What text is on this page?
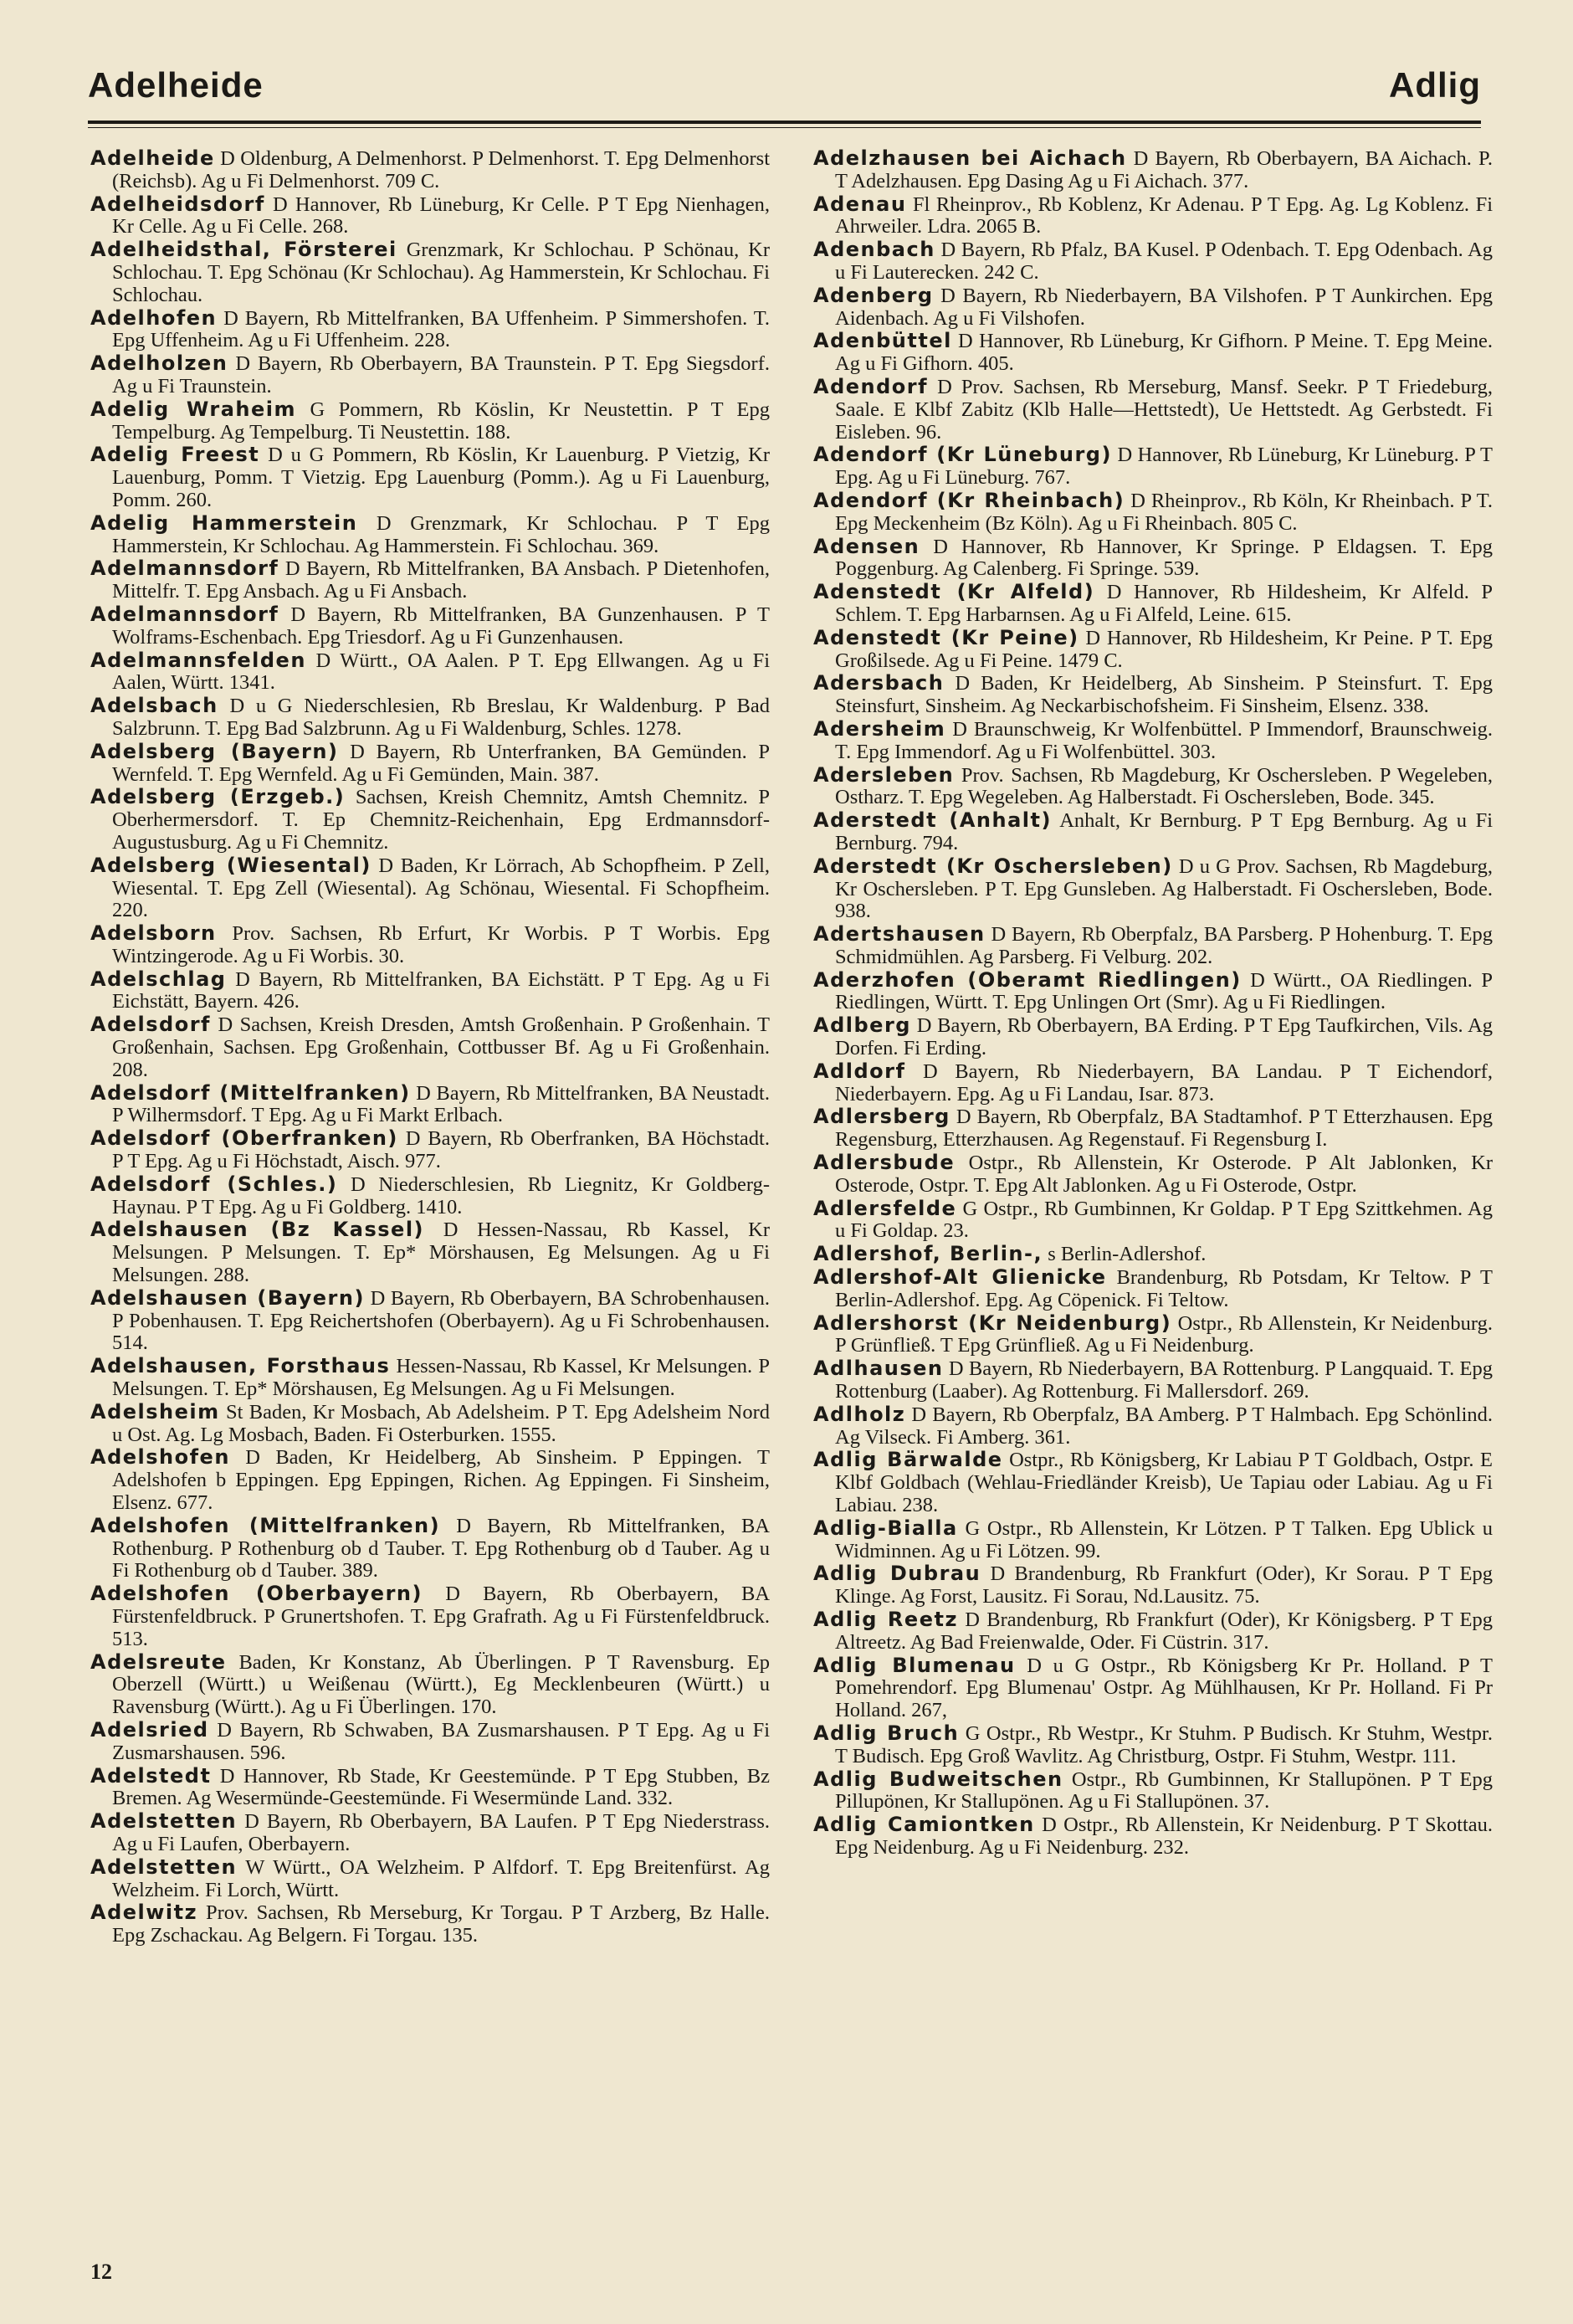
Adelheide	Adlig

Adelheide D Oldenburg, A Delmenhorst. P Delmenhorst. T. Epg Delmenhorst (Reichsb). Ag u Fi Delmenhorst. 709 C.

Adelheidsdorf D Hannover, Rb Lüneburg, Kr Celle. P T Epg Nienhagen, Kr Celle. Ag u Fi Celle. 268.

Adelheidsthal, Försterei Grenzmark, Kr Schlochau. P Schönau, Kr Schlochau. T. Epg Schönau (Kr Schlochau). Ag Hammerstein, Kr Schlochau. Fi Schlochau.

Adelhofen D Bayern, Rb Mittelfranken, BA Uffenheim. P Simmershofen. T. Epg Uffenheim. Ag u Fi Uffenheim. 228.

Adelholzen D Bayern, Rb Oberbayern, BA Traunstein. P T. Epg Siegsdorf. Ag u Fi Traunstein.

Adelig Wraheim G Pommern, Rb Köslin, Kr Neustettin. P T Epg Tempelburg. Ag Tempelburg. Ti Neustettin. 188.

Adelig Freest D u G Pommern, Rb Köslin, Kr Lauenburg. P Vietzig, Kr Lauenburg, Pomm. T Vietzig. Epg Lauenburg (Pomm.). Ag u Fi Lauenburg, Pomm. 260.

Adelig Hammerstein D Grenzmark, Kr Schlochau. P T Epg Hammerstein, Kr Schlochau. Ag Hammerstein. Fi Schlochau. 369.

Adelmannsdorf D Bayern, Rb Mittelfranken, BA Ansbach. P Dietenhofen, Mittelfr. T. Epg Ansbach. Ag u Fi Ansbach.

Adelmannsdorf D Bayern, Rb Mittelfranken, BA Gunzenhausen. P T Wolframs-Eschenbach. Epg Triesdorf. Ag u Fi Gunzenhausen.

Adelmannsfelden D Württ., OA Aalen. P T. Epg Ellwangen. Ag u Fi Aalen, Württ. 1341.

Adelsbach D u G Niederschlesien, Rb Breslau, Kr Waldenburg. P Bad Salzbrunn. T. Epg Bad Salzbrunn. Ag u Fi Waldenburg, Schles. 1278.

Adelsberg (Bayern) D Bayern, Rb Unterfranken, BA Gemünden. P Wernfeld. T. Epg Wernfeld. Ag u Fi Gemünden, Main. 387.

Adelsberg (Erzgeb.) Sachsen, Kreish Chemnitz, Amtsh Chemnitz. P Oberhermersdorf. T. Ep Chemnitz-Reichenhain, Epg Erdmannsdorf-Augustusburg. Ag u Fi Chemnitz.

Adelsberg (Wiesental) D Baden, Kr Lörrach, Ab Schopfheim. P Zell, Wiesental. T. Epg Zell (Wiesental). Ag Schönau, Wiesental. Fi Schopfheim. 220.

Adelsborn Prov. Sachsen, Rb Erfurt, Kr Worbis. P T Worbis. Epg Wintzingerode. Ag u Fi Worbis. 30.

Adelschlag D Bayern, Rb Mittelfranken, BA Eichstätt. P T Epg. Ag u Fi Eichstätt, Bayern. 426.

Adelsdorf D Sachsen, Kreish Dresden, Amtsh Großenhain. P Großenhain. T Großenhain, Sachsen. Epg Großenhain, Cottbusser Bf. Ag u Fi Großenhain. 208.

Adelsdorf (Mittelfranken) D Bayern, Rb Mittelfranken, BA Neustadt. P Wilhermsdorf. T Epg. Ag u Fi Markt Erlbach.

Adelsdorf (Oberfranken) D Bayern, Rb Oberfranken, BA Höchstadt. P T Epg. Ag u Fi Höchstadt, Aisch. 977.

Adelsdorf (Schles.) D Niederschlesien, Rb Liegnitz, Kr Goldberg-Haynau. P T Epg. Ag u Fi Goldberg. 1410.

Adelshausen (Bz Kassel) D Hessen-Nassau, Rb Kassel, Kr Melsungen. P Melsungen. T. Ep* Mörshausen, Eg Melsungen. Ag u Fi Melsungen. 288.

Adelshausen (Bayern) D Bayern, Rb Oberbayern, BA Schrobenhausen. P Pobenhausen. T. Epg Reichertshofen (Oberbayern). Ag u Fi Schrobenhausen. 514.

Adelshausen, Forsthaus Hessen-Nassau, Rb Kassel, Kr Melsungen. P Melsungen. T. Ep* Mörshausen, Eg Melsungen. Ag u Fi Melsungen.

Adelsheim St Baden, Kr Mosbach, Ab Adelsheim. P T. Epg Adelsheim Nord u Ost. Ag. Lg Mosbach, Baden. Fi Osterburken. 1555.

Adelshofen D Baden, Kr Heidelberg, Ab Sinsheim. P Eppingen. T Adelshofen b Eppingen. Epg Eppingen, Richen. Ag Eppingen. Fi Sinsheim, Elsenz. 677.

Adelshofen (Mittelfranken) D Bayern, Rb Mittelfranken, BA Rothenburg. P Rothenburg ob d Tauber. T. Epg Rothenburg ob d Tauber. Ag u Fi Rothenburg ob d Tauber. 389.

Adelshofen (Oberbayern) D Bayern, Rb Oberbayern, BA Fürstenfeldbruck. P Grunertshofen. T. Epg Grafrath. Ag u Fi Fürstenfeldbruck. 513.

Adelsreute Baden, Kr Konstanz, Ab Überlingen. P T Ravensburg. Ep Oberzell (Württ.) u Weißenau (Württ.), Eg Mecklenbeuren (Württ.) u Ravensburg (Württ.). Ag u Fi Überlingen. 170.

Adelsried D Bayern, Rb Schwaben, BA Zusmarshausen. P T Epg. Ag u Fi Zusmarshausen. 596.

Adelstedt D Hannover, Rb Stade, Kr Geestemünde. P T Epg Stubben, Bz Bremen. Ag Wesermünde-Geestemünde. Fi Wesermünde Land. 332.

Adelstetten D Bayern, Rb Oberbayern, BA Laufen. P T Epg Niederstrass. Ag u Fi Laufen, Oberbayern.

Adelstetten W Württ., OA Welzheim. P Alfdorf. T. Epg Breitenfürst. Ag Welzheim. Fi Lorch, Württ.

Adelwitz Prov. Sachsen, Rb Merseburg, Kr Torgau. P T Arzberg, Bz Halle. Epg Zschackau. Ag Belgern. Fi Torgau. 135.

Adelzhausen bei Aichach D Bayern, Rb Oberbayern, BA Aichach. P. T Adelzhausen. Epg Dasing Ag u Fi Aichach. 377.

Adenau Fl Rheinprov., Rb Koblenz, Kr Adenau. P T Epg. Ag. Lg Koblenz. Fi Ahrweiler. Ldra. 2065 B.

Adenbach D Bayern, Rb Pfalz, BA Kusel. P Odenbach. T. Epg Odenbach. Ag u Fi Lauterecken. 242 C.

Adenberg D Bayern, Rb Niederbayern, BA Vilshofen. P T Aunkirchen. Epg Aidenbach. Ag u Fi Vilshofen.

Adenbüttel D Hannover, Rb Lüneburg, Kr Gifhorn. P Meine. T. Epg Meine. Ag u Fi Gifhorn. 405.

Adendorf D Prov. Sachsen, Rb Merseburg, Mansf. Seekr. P T Friedeburg, Saale. E Klbf Zabitz (Klb Halle—Hettstedt), Ue Hettstedt. Ag Gerbstedt. Fi Eisleben. 96.

Adendorf (Kr Lüneburg) D Hannover, Rb Lüneburg, Kr Lüneburg. P T Epg. Ag u Fi Lüneburg. 767.

Adendorf (Kr Rheinbach) D Rheinprov., Rb Köln, Kr Rheinbach. P T. Epg Meckenheim (Bz Köln). Ag u Fi Rheinbach. 805 C.

Adensen D Hannover, Rb Hannover, Kr Springe. P Eldagsen. T. Epg Poggenburg. Ag Calenberg. Fi Springe. 539.

Adenstedt (Kr Alfeld) D Hannover, Rb Hildesheim, Kr Alfeld. P Schlem. T. Epg Harbarnsen. Ag u Fi Alfeld, Leine. 615.

Adenstedt (Kr Peine) D Hannover, Rb Hildesheim, Kr Peine. P T. Epg Großilsede. Ag u Fi Peine. 1479 C.

Adersbach D Baden, Kr Heidelberg, Ab Sinsheim. P Steinsfurt. T. Epg Steinsfurt, Sinsheim. Ag Neckarbischofsheim. Fi Sinsheim, Elsenz. 338.

Adersheim D Braunschweig, Kr Wolfenbüttel. P Immendorf, Braunschweig. T. Epg Immendorf. Ag u Fi Wolfenbüttel. 303.

Adersleben Prov. Sachsen, Rb Magdeburg, Kr Oschersleben. P Wegeleben, Ostharz. T. Epg Wegeleben. Ag Halberstadt. Fi Oschersleben, Bode. 345.

Aderstedt (Anhalt) Anhalt, Kr Bernburg. P T Epg Bernburg. Ag u Fi Bernburg. 794.

Aderstedt (Kr Oschersleben) D u G Prov. Sachsen, Rb Magdeburg, Kr Oschersleben. P T. Epg Gunsleben. Ag Halberstadt. Fi Oschersleben, Bode. 938.

Adertshausen D Bayern, Rb Oberpfalz, BA Parsberg. P Hohenburg. T. Epg Schmidmühlen. Ag Parsberg. Fi Velburg. 202.

Aderzhofen (Oberamt Riedlingen) D Württ., OA Riedlingen. P Riedlingen, Württ. T. Epg Unlingen Ort (Smr). Ag u Fi Riedlingen.

Adlberg D Bayern, Rb Oberbayern, BA Erding. P T Epg Taufkirchen, Vils. Ag Dorfen. Fi Erding.

Adldorf D Bayern, Rb Niederbayern, BA Landau. P T Eichendorf, Niederbayern. Epg. Ag u Fi Landau, Isar. 873.

Adlersberg D Bayern, Rb Oberpfalz, BA Stadtamhof. P T Etterzhausen. Epg Regensburg, Etterzhausen. Ag Regenstauf. Fi Regensburg I.

Adlersbude Ostpr., Rb Allenstein, Kr Osterode. P Alt Jablonken, Kr Osterode, Ostpr. T. Epg Alt Jablonken. Ag u Fi Osterode, Ostpr.

Adlersfelde G Ostpr., Rb Gumbinnen, Kr Goldap. P T Epg Szittkehmen. Ag u Fi Goldap. 23.

Adlershof, Berlin-, s Berlin-Adlershof.

Adlershof-Alt Glienicke Brandenburg, Rb Potsdam, Kr Teltow. P T Berlin-Adlershof. Epg. Ag Cöpenick. Fi Teltow.

Adlershorst (Kr Neidenburg) Ostpr., Rb Allenstein, Kr Neidenburg. P Grünfließ. T Epg Grünfließ. Ag u Fi Neidenburg.

Adlhausen D Bayern, Rb Niederbayern, BA Rottenburg. P Langquaid. T. Epg Rottenburg (Laaber). Ag Rottenburg. Fi Mallersdorf. 269.

Adlholz D Bayern, Rb Oberpfalz, BA Amberg. P T Halmbach. Epg Schönlind. Ag Vilseck. Fi Amberg. 361.

Adlig Bärwalde Ostpr., Rb Königsberg, Kr Labiau P T Goldbach, Ostpr. E Klbf Goldbach (Wehlau-Friedländer Kreisb), Ue Tapiau oder Labiau. Ag u Fi Labiau. 238.

Adlig-Bialla G Ostpr., Rb Allenstein, Kr Lötzen. P T Talken. Epg Ublick u Widminnen. Ag u Fi Lötzen. 99.

Adlig Dubrau D Brandenburg, Rb Frankfurt (Oder), Kr Sorau. P T Epg Klinge. Ag Forst, Lausitz. Fi Sorau, Nd.Lausitz. 75.

Adlig Reetz D Brandenburg, Rb Frankfurt (Oder), Kr Königsberg. P T Epg Altreetz. Ag Bad Freienwalde, Oder. Fi Cüstrin. 317.

Adlig Blumenau D u G Ostpr., Rb Königsberg Kr Pr. Holland. P T Pomehrendorf. Epg Blumenau' Ostpr. Ag Mühlhausen, Kr Pr. Holland. Fi Pr Holland. 267,

Adlig Bruch G Ostpr., Rb Westpr., Kr Stuhm. P Budisch. Kr Stuhm, Westpr. T Budisch. Epg Groß Wavlitz. Ag Christburg, Ostpr. Fi Stuhm, Westpr. 111.

Adlig Budweitschen Ostpr., Rb Gumbinnen, Kr Stallupönen. P T Epg Pillupönen, Kr Stallupönen. Ag u Fi Stallupönen. 37.

Adlig Camiontken D Ostpr., Rb Allenstein, Kr Neidenburg. P T Skottau. Epg Neidenburg. Ag u Fi Neidenburg. 232.

12
